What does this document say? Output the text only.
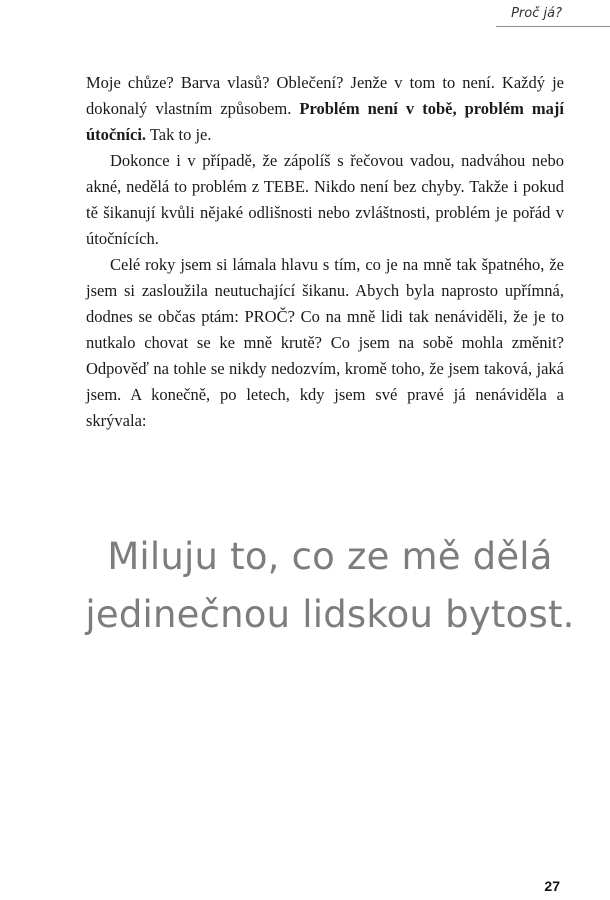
Proč já?

Moje chůze? Barva vlasů? Oblečení? Jenže v tom to není. Každý je dokonalý vlastním způsobem. Problém není v tobě, problém mají útočníci. Tak to je.

Dokonce i v případě, že zápolíš s řečovou vadou, nadváhou nebo akné, nedělá to problém z TEBE. Nikdo není bez chyby. Takže i pokud tě šikanují kvůli nějaké odlišnosti nebo zvláštnosti, problém je pořád v útočnících.

Celé roky jsem si lámala hlavu s tím, co je na mně tak špatného, že jsem si zasloužila neutuchající šikanu. Abych byla naprosto upřímná, dodnes se občas ptám: PROČ? Co na mně lidi tak nenáviděli, že je to nutkalo chovat se ke mně krutě? Co jsem na sobě mohla změnit? Odpověď na tohle se nikdy nedozvím, kromě toho, že jsem taková, jaká jsem. A konečně, po letech, kdy jsem své pravé já nenáviděla a skrývala:

Miluju to, co ze mě dělá
jedinečnou lidskou bytost.
27
